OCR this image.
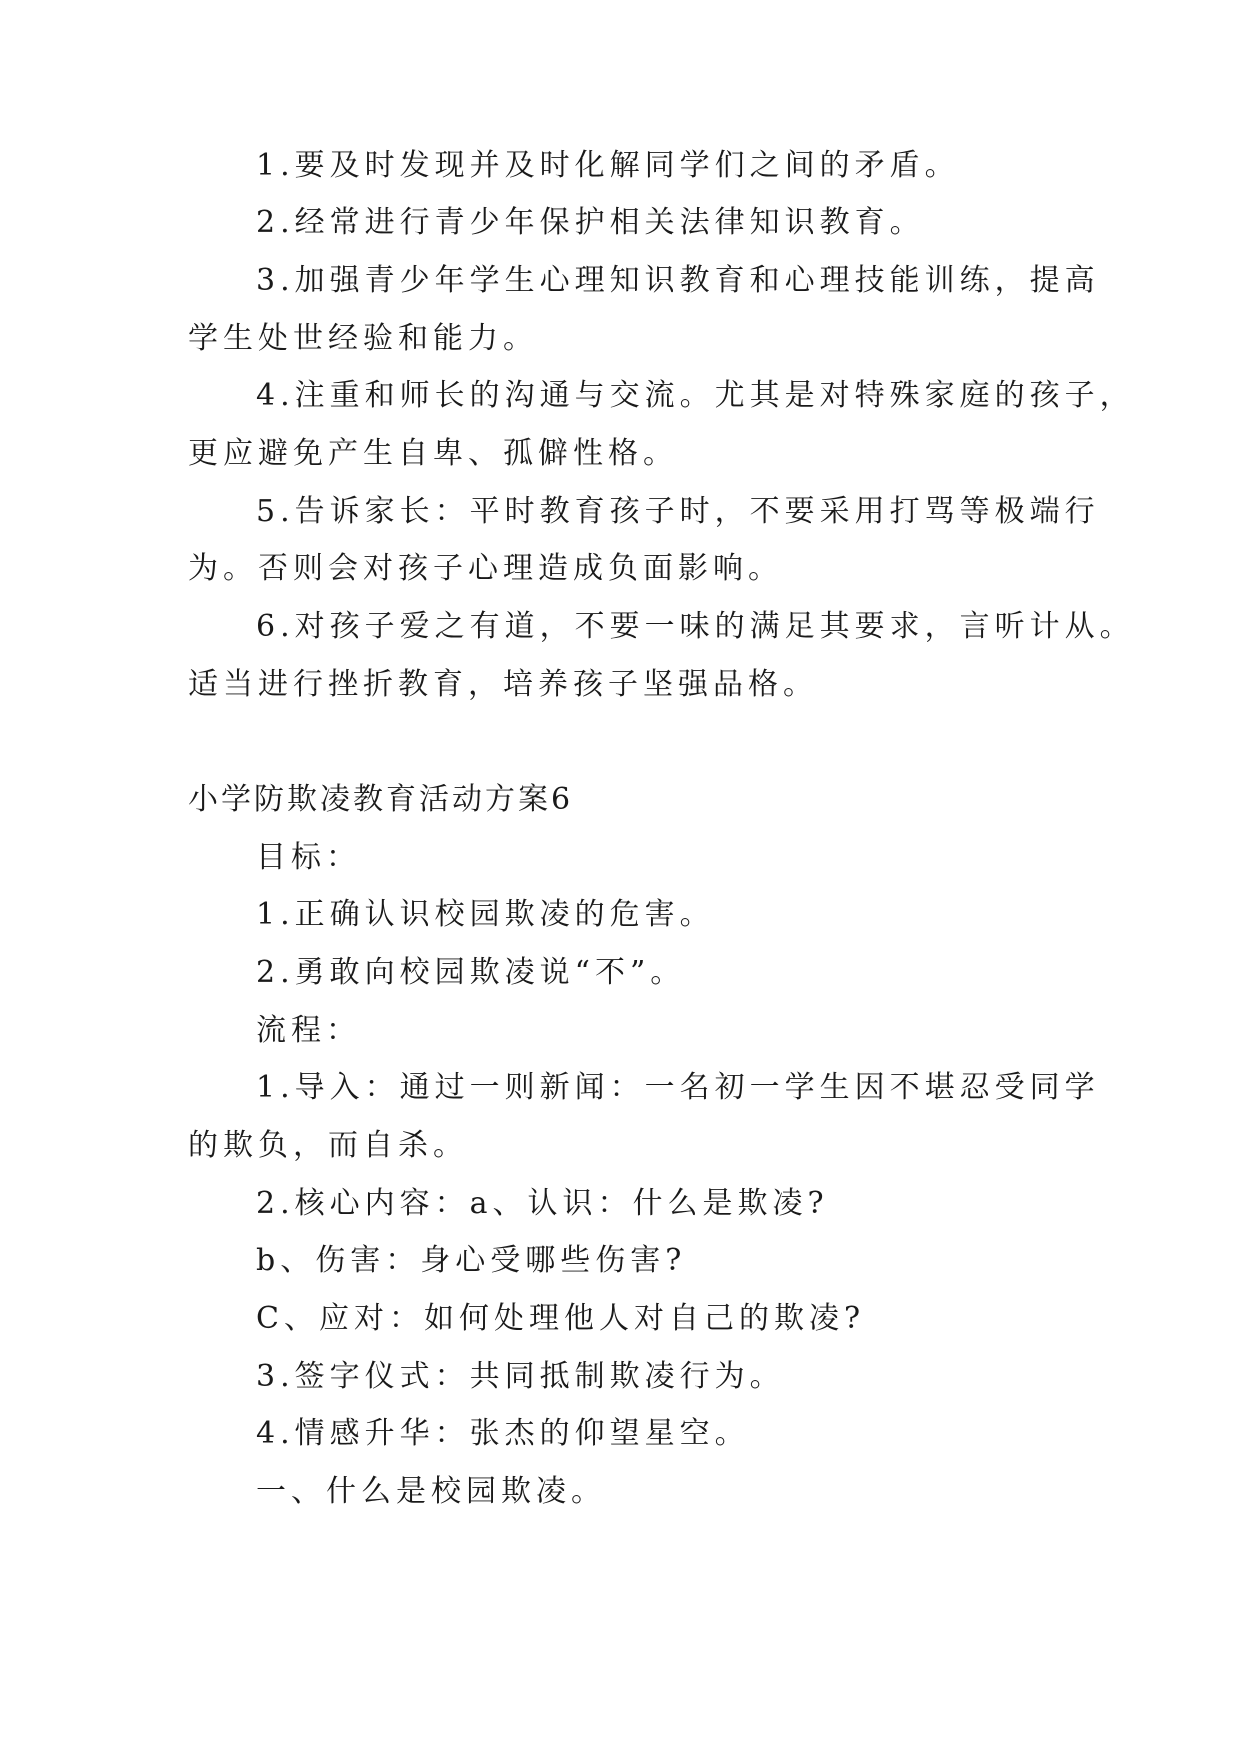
1.要及时发现并及时化解同学们之间的矛盾。
2.经常进行青少年保护相关法律知识教育。
3.加强青少年学生心理知识教育和心理技能训练，提高
学生处世经验和能力。
4.注重和师长的沟通与交流。尤其是对特殊家庭的孩子，
更应避免产生自卑、孤僻性格。
5.告诉家长：平时教育孩子时，不要采用打骂等极端行
为。否则会对孩子心理造成负面影响。
6.对孩子爱之有道，不要一味的满足其要求，言听计从。
适当进行挫折教育，培养孩子坚强品格。
小学防欺凌教育活动方案6
目标：
1.正确认识校园欺凌的危害。
2.勇敢向校园欺凌说“不”。
流程：
1.导入：通过一则新闻：一名初一学生因不堪忍受同学
的欺负，而自杀。
2.核心内容：a、认识：什么是欺凌?
b、伤害：身心受哪些伤害?
C、应对：如何处理他人对自己的欺凌?
3.签字仪式：共同抵制欺凌行为。
4.情感升华：张杰的仰望星空。
一、什么是校园欺凌。
